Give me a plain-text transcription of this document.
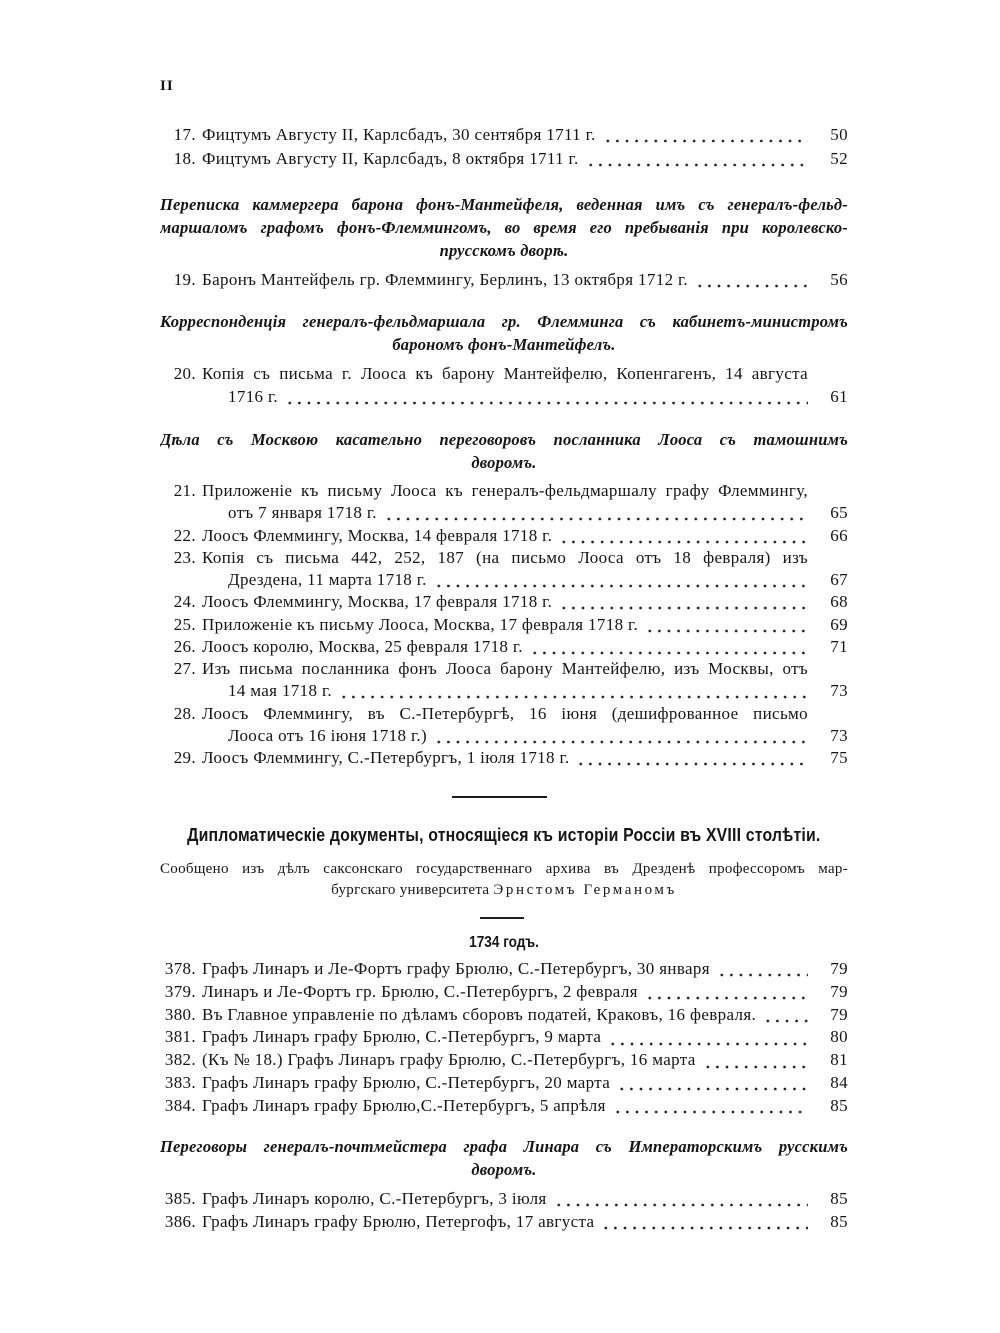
II
17. Фицтумъ Августу II, Карлсбадъ, 30 сентября 1711 г.	50
18. Фицтумъ Августу II, Карлсбадъ, 8 октября 1711 г.	52
Переписка каммергера барона фонъ-Мантейфеля, веденная имъ съ генералъ-фельд-
маршаломъ графомъ фонъ-Флеммингомъ, во время его пребыванія при королевско-
прусскомъ дворѣ.
19. Баронъ Мантейфель гр. Флеммингу, Берлинъ, 13 октября 1712 г.	56
Корреспонденція генералъ-фельдмаршала гр. Флемминга съ кабинетъ-министромъ
барономъ фонъ-Мантейфелъ.
20. Копія съ письма г. Лооса къ барону Мантейфелю, Копенгагенъ, 14 августа
1716 г.	61
Дѣла съ Москвою касательно переговоровъ посланника Лооса съ тамошнимъ
дворомъ.
21. Приложеніе къ письму Лооса къ генералъ-фельдмаршалу графу Флеммингу,
отъ 7 января 1718 г.	65
22. Лоосъ Флеммингу, Москва, 14 февраля 1718 г.	66
23. Копія съ письма 442, 252, 187 (на письмо Лооса отъ 18 февраля) изъ
Дрездена, 11 марта 1718 г.	67
24. Лоосъ Флеммингу, Москва, 17 февраля 1718 г.	68
25. Приложеніе къ письму Лооса, Москва, 17 февраля 1718 г.	69
26. Лоосъ королю, Москва, 25 февраля 1718 г.	71
27. Изъ письма посланника фонъ Лооса барону Мантейфелю, изъ Москвы, отъ
14 мая 1718 г.	73
28. Лоосъ Флеммингу, въ С.-Петербургѣ, 16 іюня (дешифрованное письмо
Лооса отъ 16 іюня 1718 г.)	73
29. Лоосъ Флеммингу, С.-Петербургъ, 1 іюля 1718 г.	75
Дипломатическіе документы, относящіеся къ исторіи Россіи въ XVIII столѣтіи.
Сообщено изъ дѣлъ саксонскаго государственнаго архива въ Дрезденѣ профессоромъ мар-
бургскаго университета Эрнстомъ Германомъ
1734 годъ.
378. Графъ Линаръ и Ле-Фортъ графу Брюлю, С.-Петербургъ, 30 января	79
379. Линаръ и Ле-Фортъ гр. Брюлю, С.-Петербургъ, 2 февраля	79
380. Въ Главное управленіе по дѣламъ сборовъ податей, Краковъ, 16 февраля.	79
381. Графъ Линаръ графу Брюлю, С.-Петербургъ, 9 марта	80
382. (Къ № 18.) Графъ Линаръ графу Брюлю, С.-Петербургъ, 16 марта	81
383. Графъ Линаръ графу Брюлю, С.-Петербургъ, 20 марта	84
384. Графъ Линаръ графу Брюлю,С.-Петербургъ, 5 апрѣля	85
Переговоры генералъ-почтмейстера графа Линара съ Императорскимъ русскимъ
дворомъ.
385. Графъ Линаръ королю, С.-Петербургъ, 3 іюля	85
386. Графъ Линаръ графу Брюлю, Петергофъ, 17 августа	85
